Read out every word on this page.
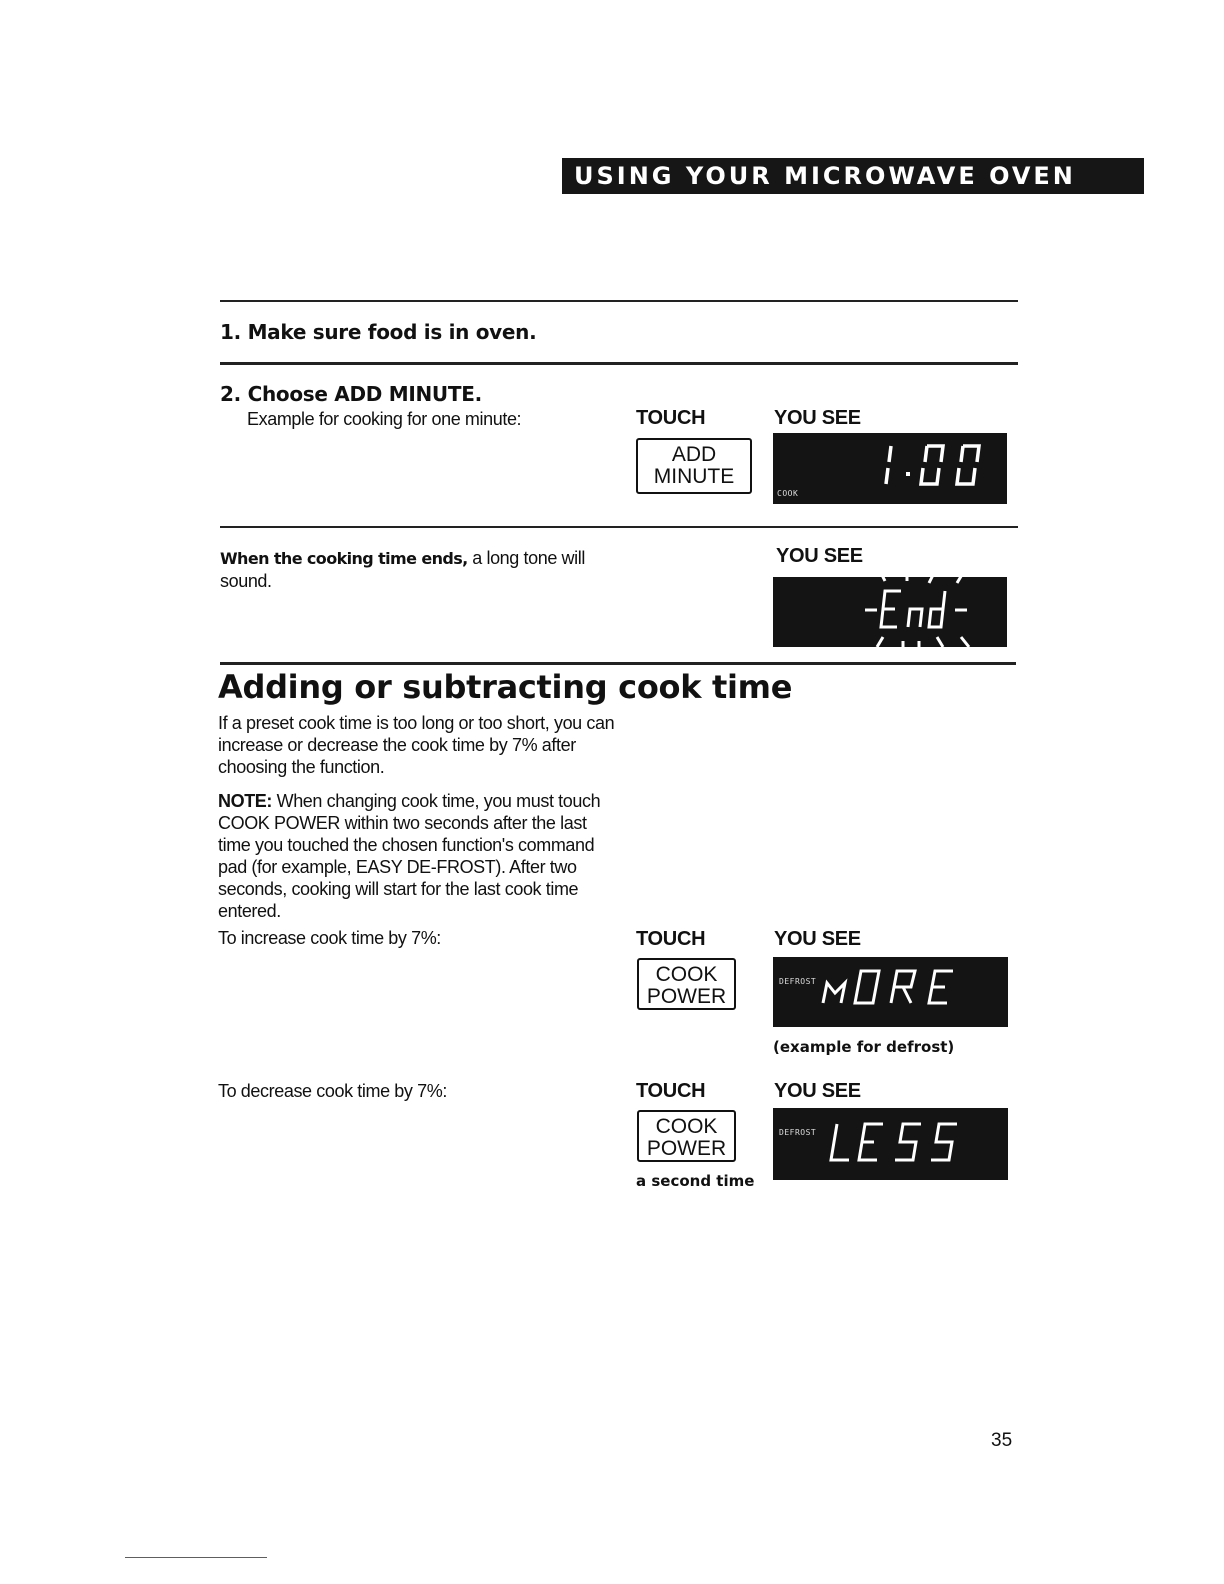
USING YOUR MICROWAVE OVEN
1. Make sure food is in oven.
2. Choose ADD MINUTE.
Example for cooking for one minute:	TOUCH	YOU SEE
ADD
MINUTE
COOK
When the cooking time ends, a long tone will sound.
YOU SEE
Adding or subtracting cook time
If a preset cook time is too long or too short, you can increase or decrease the cook time by 7% after choosing the function.
NOTE: When changing cook time, you must touch COOK POWER within two seconds after the last time you touched the chosen function's command pad (for example, EASY DE-FROST). After two seconds, cooking will start for the last cook time entered.
To increase cook time by 7%:	TOUCH	YOU SEE
COOK
POWER
DEFROST
(example for defrost)
To decrease cook time by 7%:	TOUCH	YOU SEE
COOK
POWER
a second time
DEFROST
35
